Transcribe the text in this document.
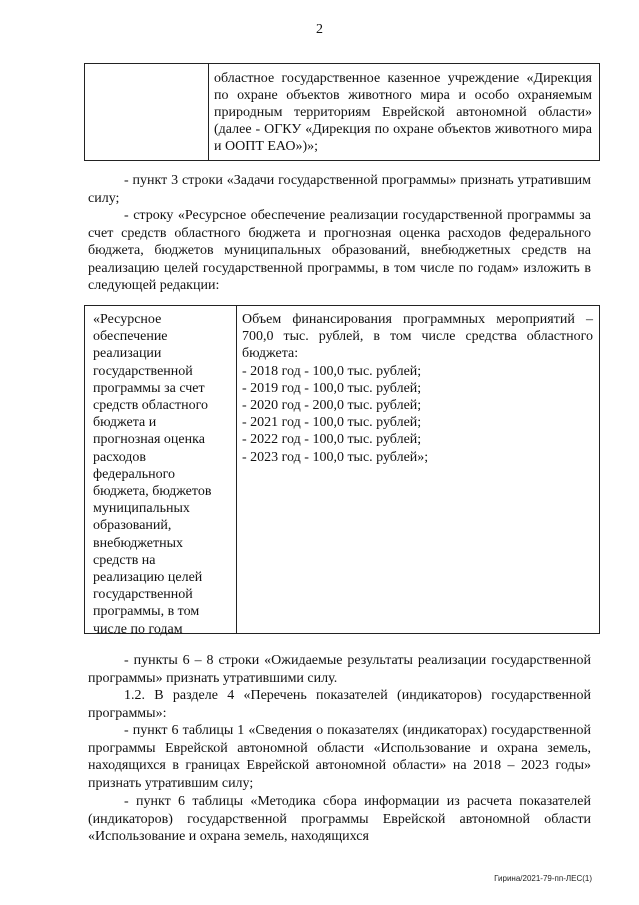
2
областное государственное казенное учреждение «Дирекция по охране объектов животного мира и особо охраняемым природным территориям Еврейской автономной области» (далее - ОГКУ «Дирекция по охране объектов животного мира и ООПТ ЕАО»)»;

- пункт 3 строки «Задачи государственной программы» признать утратившим силу;

- строку «Ресурсное обеспечение реализации государственной программы за счет средств областного бюджета и прогнозная оценка расходов федерального бюджета, бюджетов муниципальных образований, внебюджетных средств на реализацию целей государственной программы, в том числе по годам» изложить в следующей редакции:

«Ресурсное
обеспечение
реализации
государственной
программы за счет
средств областного
бюджета и
прогнозная оценка
расходов
федерального
бюджета, бюджетов
муниципальных
образований,
внебюджетных
средств на
реализацию целей
государственной
программы, в том
числе по годам

Объем финансирования программных мероприятий – 700,0 тыс. рублей, в том числе средства областного бюджета:

- 2018 год - 100,0 тыс. рублей;
- 2019 год - 100,0 тыс. рублей;
- 2020 год - 200,0 тыс. рублей;
- 2021 год - 100,0 тыс. рублей;
- 2022 год - 100,0 тыс. рублей;
- 2023 год - 100,0 тыс. рублей»;

- пункты 6 – 8 строки «Ожидаемые результаты реализации государственной программы» признать утратившими силу.

1.2. В разделе 4 «Перечень показателей (индикаторов) государственной программы»:

- пункт 6 таблицы 1 «Сведения о показателях (индикаторах) государственной программы Еврейской автономной области «Использование и охрана земель, находящихся в границах Еврейской автономной области» на 2018 – 2023 годы» признать утратившим силу;

- пункт 6 таблицы «Методика сбора информации из расчета показателей (индикаторов) государственной программы Еврейской автономной области «Использование и охрана земель, находящихся

Гирина/2021-79-пп-ЛЕС(1)
